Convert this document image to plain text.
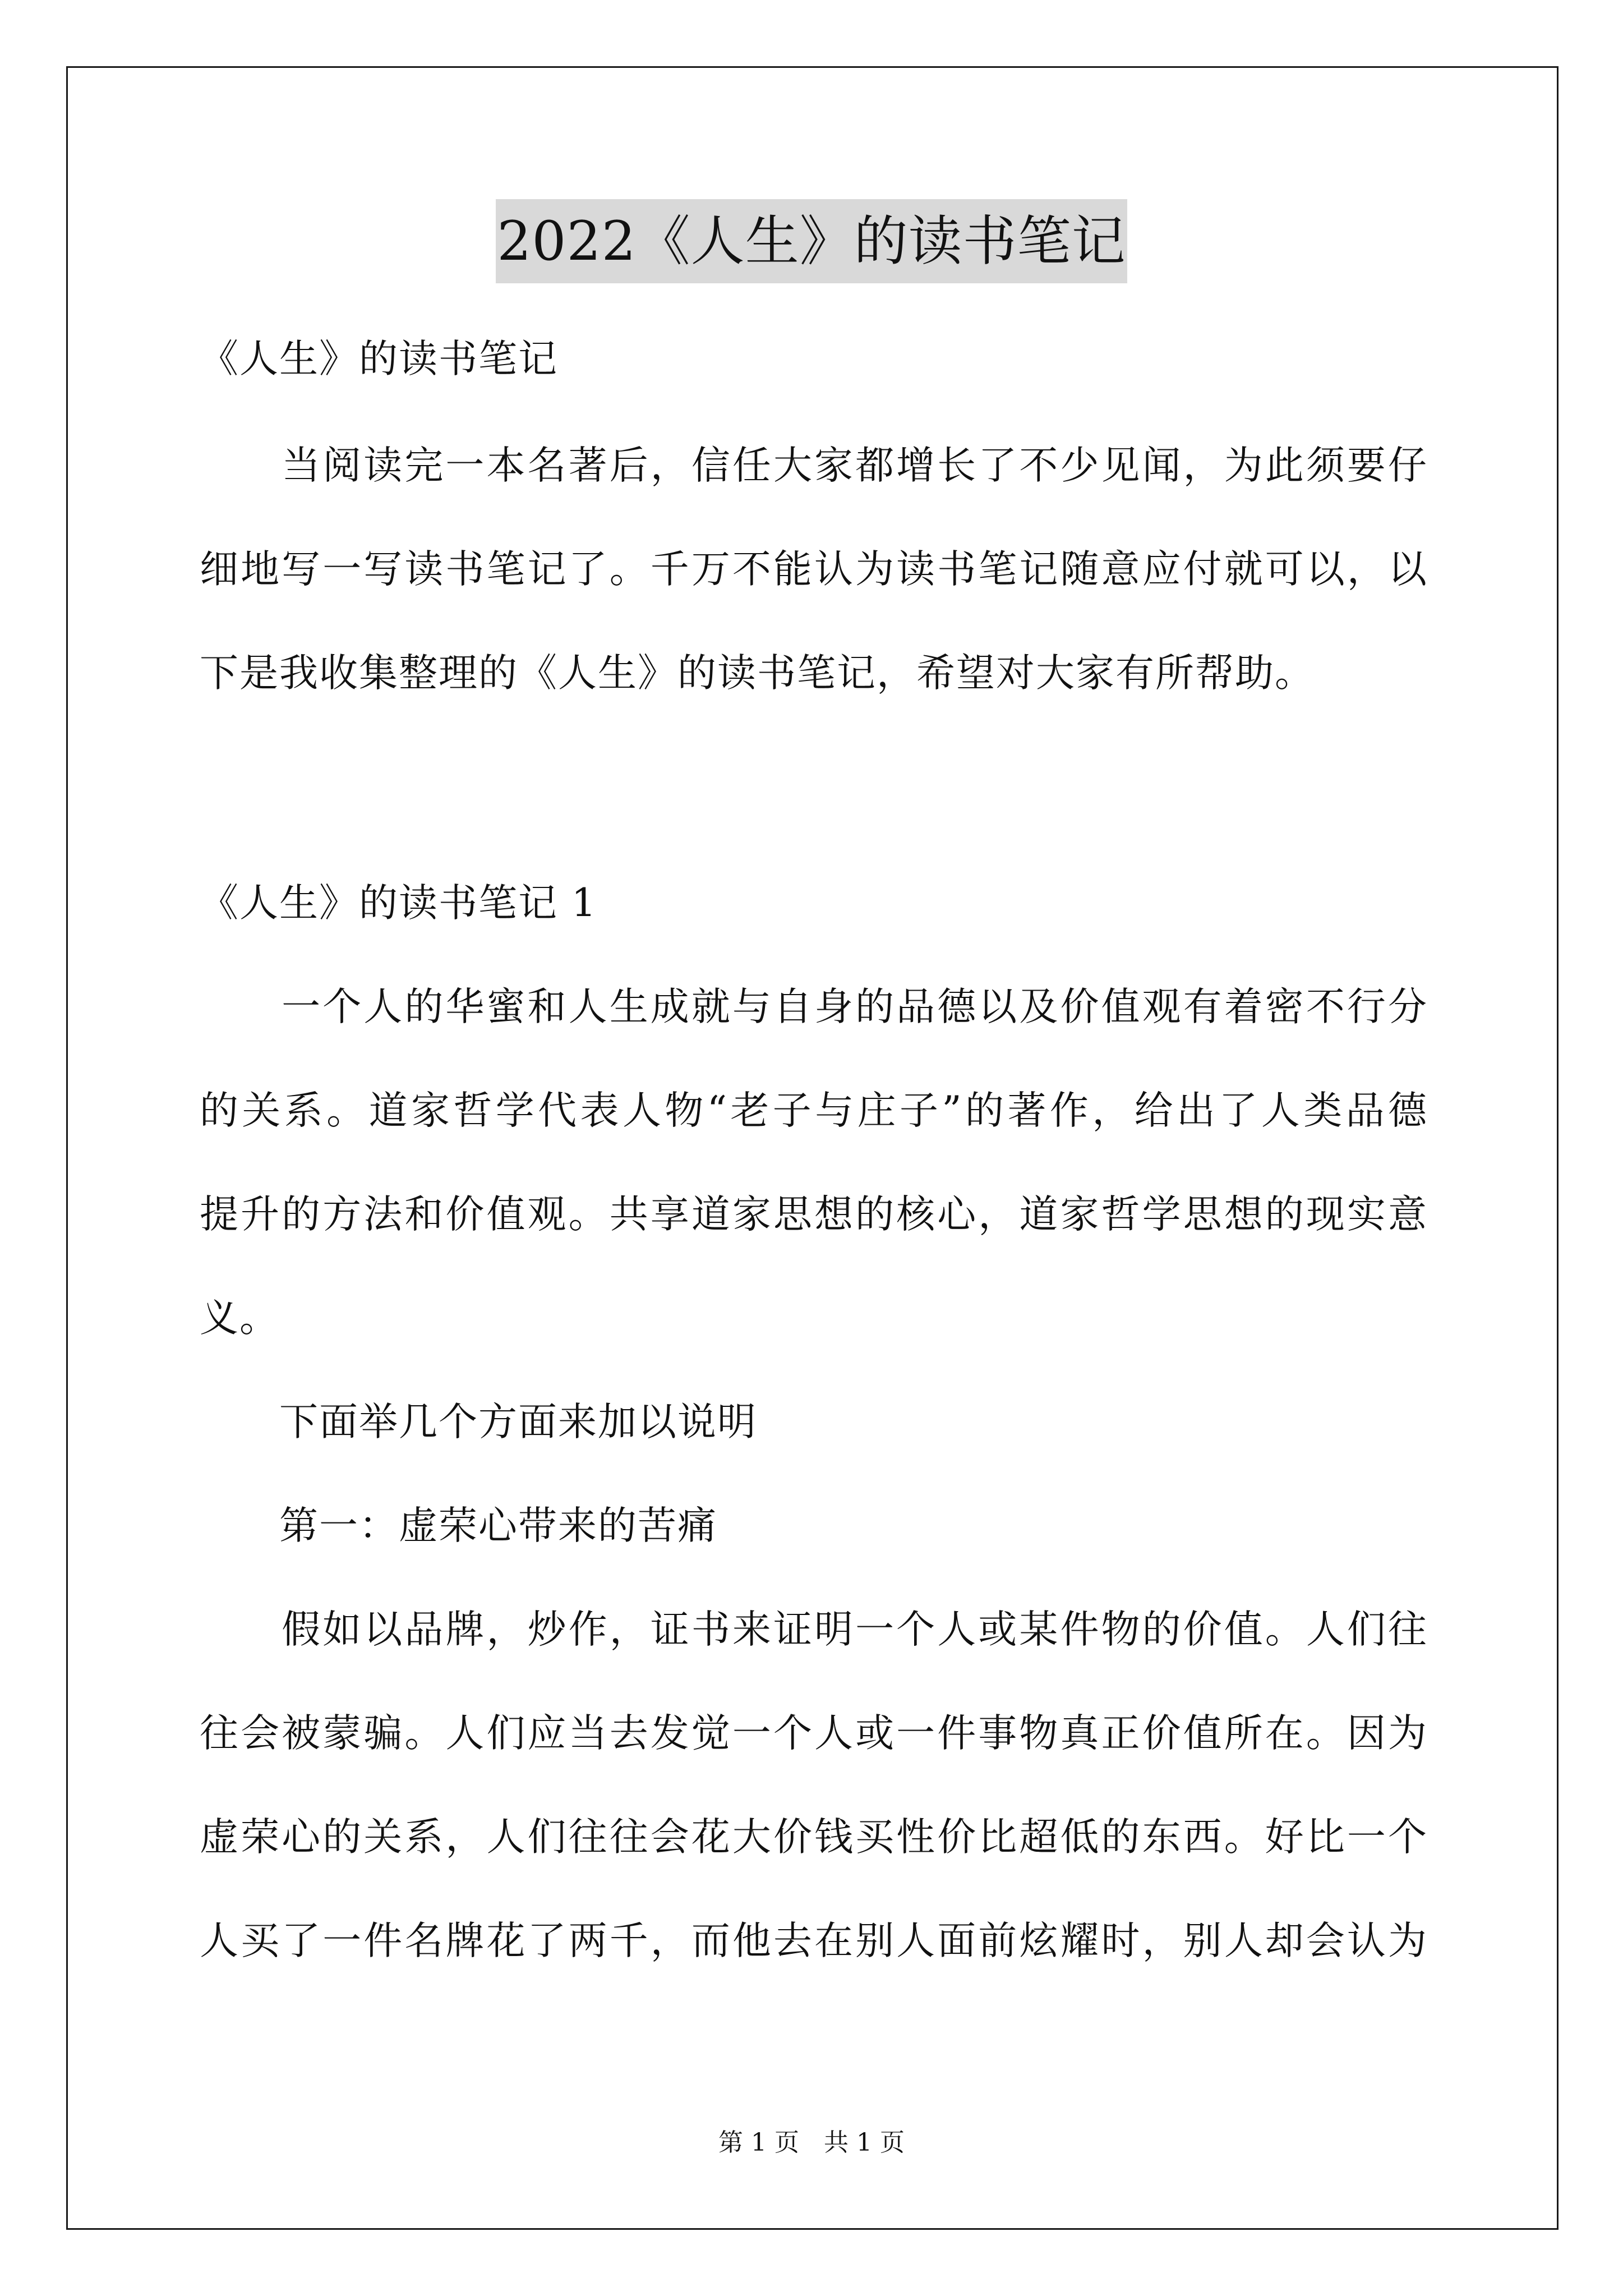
2022《人生》的读书笔记
《人生》的读书笔记
　　当阅读完一本名著后，信任大家都增长了不少见闻，为此须要仔
细地写一写读书笔记了。千万不能认为读书笔记随意应付就可以，以
下是我收集整理的《人生》的读书笔记，希望对大家有所帮助。
《人生》的读书笔记 1
　　一个人的华蜜和人生成就与自身的品德以及价值观有着密不行分
的关系。道家哲学代表人物“老子与庄子”的著作，给出了人类品德
提升的方法和价值观。共享道家思想的核心，道家哲学思想的现实意
义。
　　下面举几个方面来加以说明
　　第一：虚荣心带来的苦痛
　　假如以品牌，炒作，证书来证明一个人或某件物的价值。人们往
往会被蒙骗。人们应当去发觉一个人或一件事物真正价值所在。因为
虚荣心的关系，人们往往会花大价钱买性价比超低的东西。好比一个
人买了一件名牌花了两千，而他去在别人面前炫耀时，别人却会认为
第 1 页　共 1 页
